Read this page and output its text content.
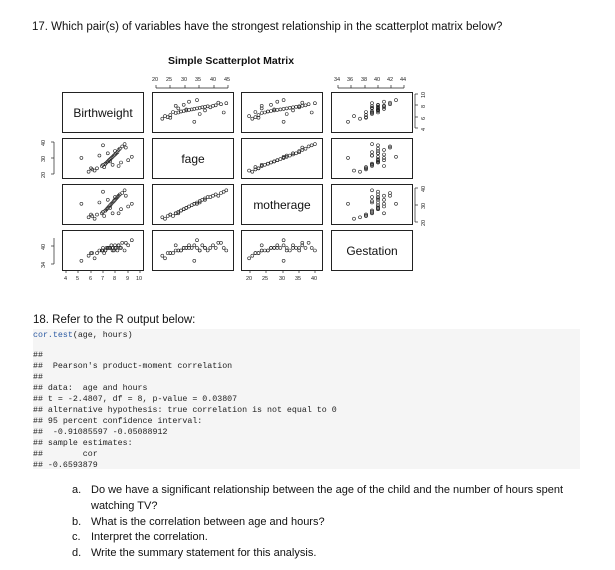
17. Which pair(s) of variables have the strongest relationship in the scatterplot matrix below?
Simple Scatterplot Matrix
20 25 30 35 40 45	34 36 38 40 42 44
4 5 6 7 8 9 10	20 25 30 35 40
20
30
40
34
40
4
6
8
10
20
30
40
Birthweight
fage
motherage
Gestation
18. Refer to the R output below:
cor.test(age, hours)
##
##  Pearson's product-moment correlation
##
## data:  age and hours
## t = -2.4807, df = 8, p-value = 0.03807
## alternative hypothesis: true correlation is not equal to 0
## 95 percent confidence interval:
##  -0.91085597 -0.05088912
## sample estimates:
##        cor
## -0.6593879
a. Do we have a significant relationship between the age of the child and the number of hours spent
watching TV?
b. What is the correlation between age and hours?
c. Interpret the correlation.
d. Write the summary statement for this analysis.
